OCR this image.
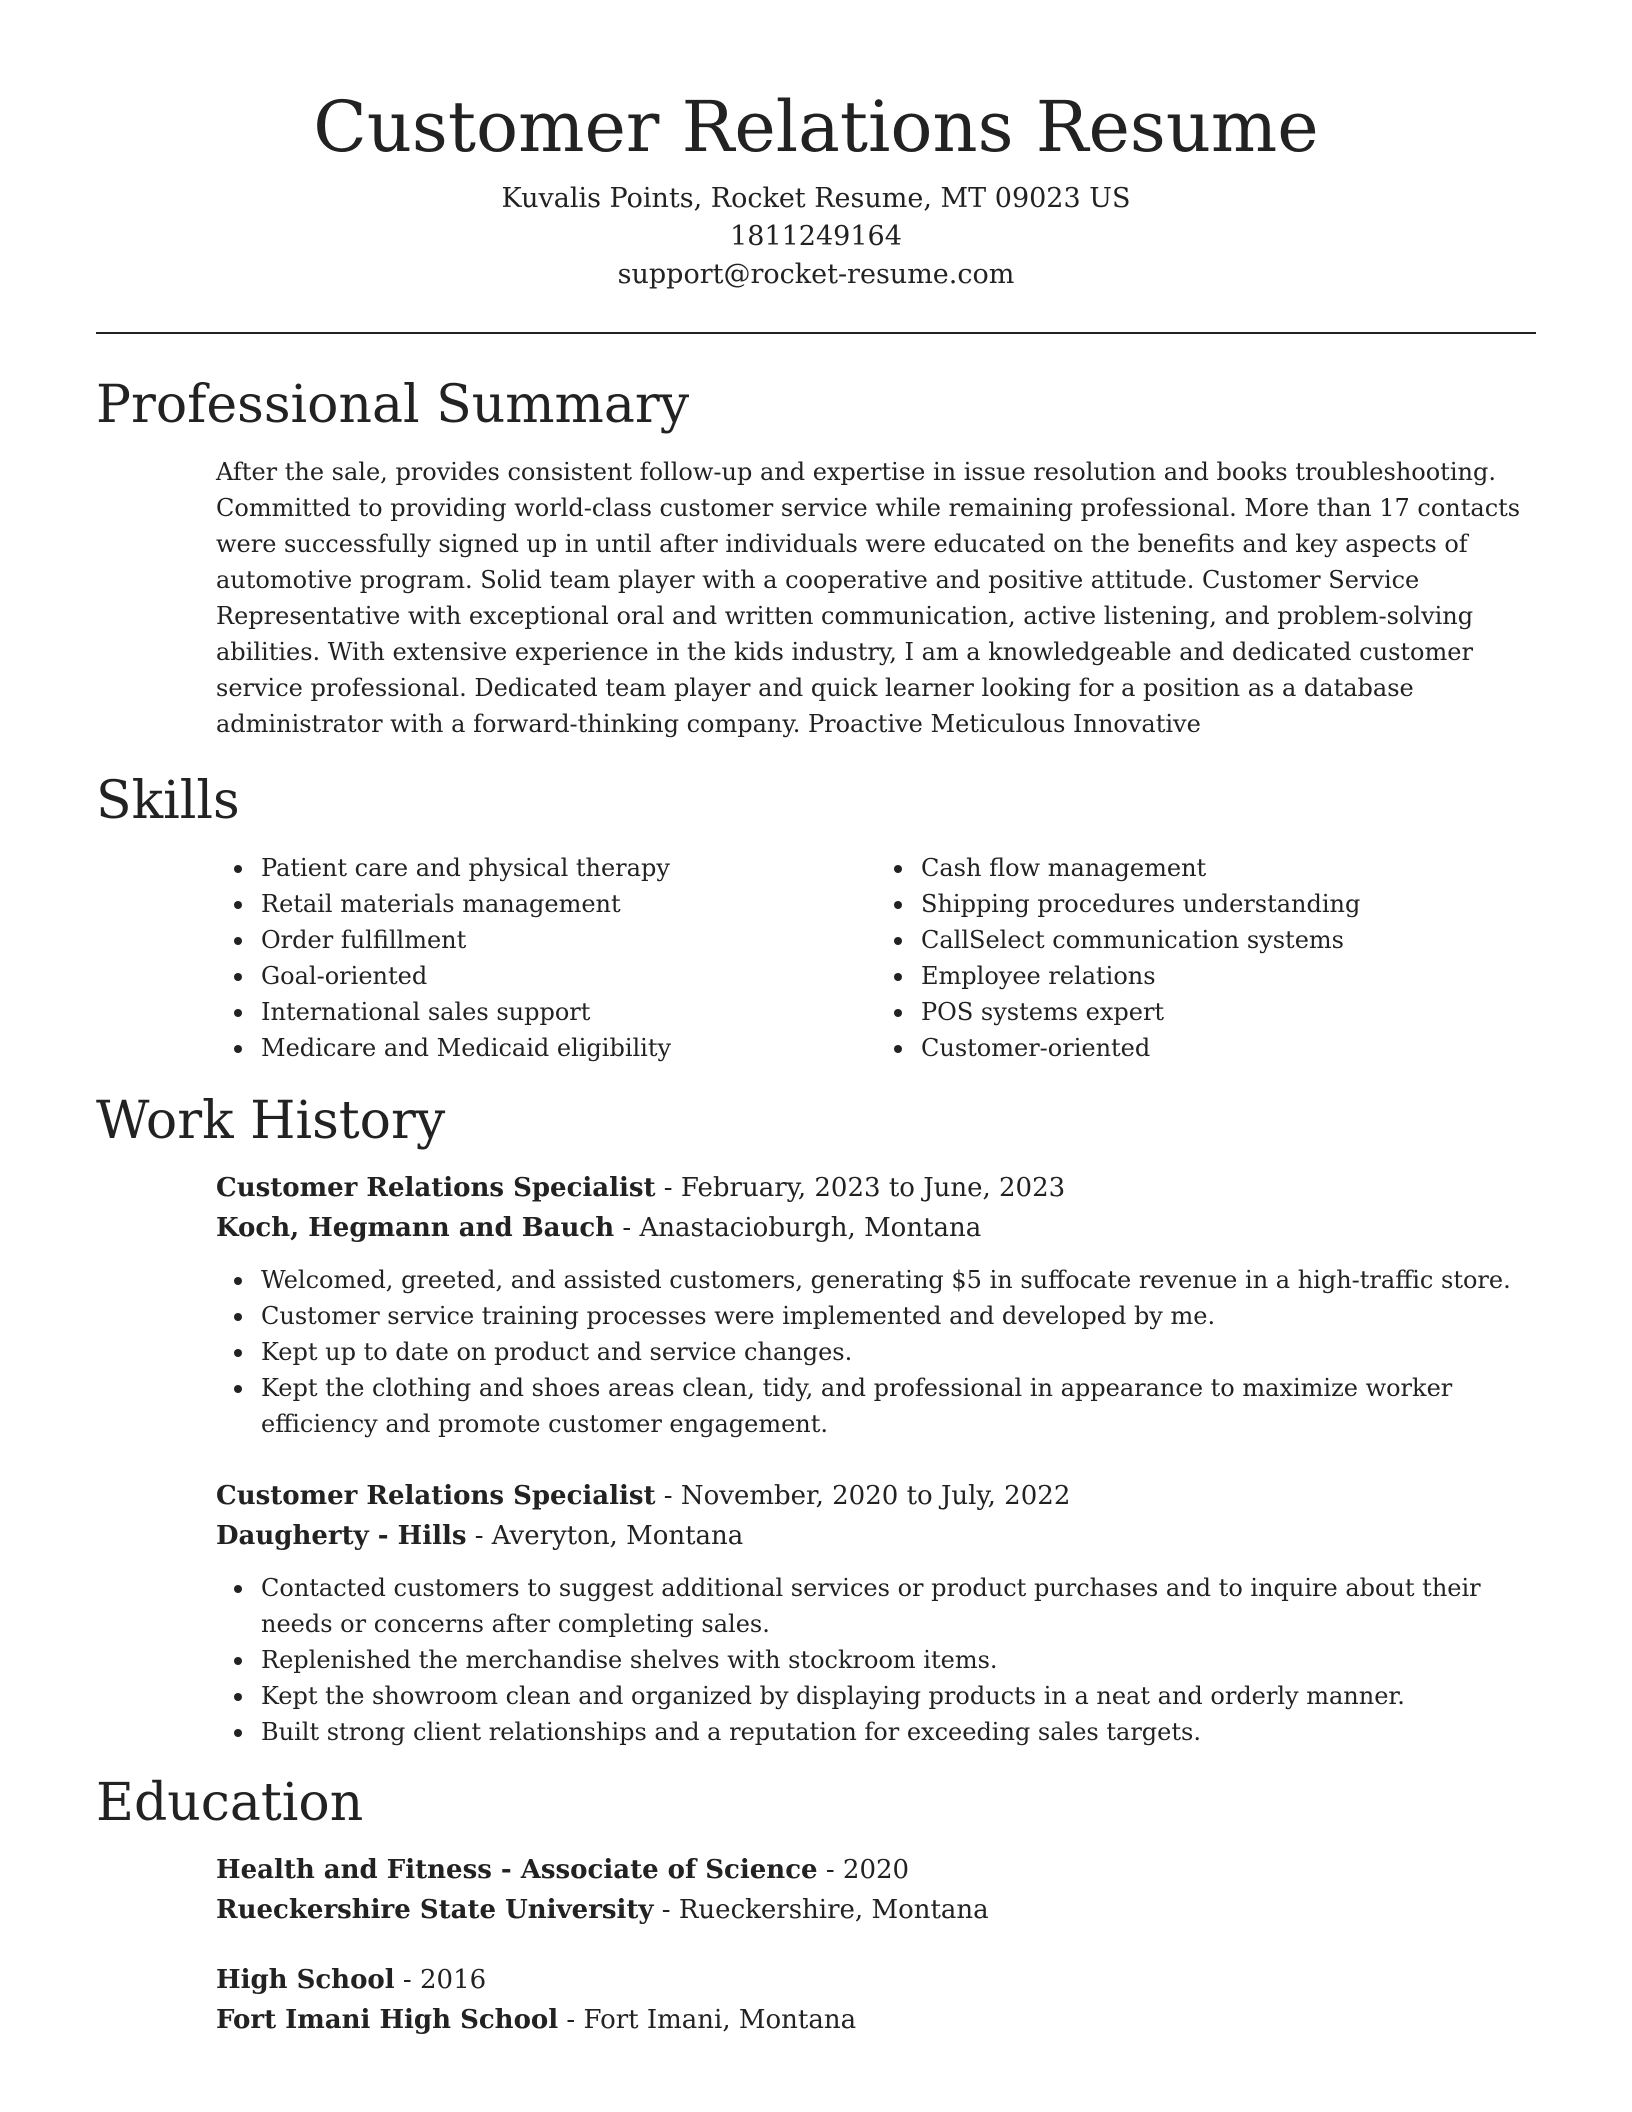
Customer Relations Resume
Kuvalis Points, Rocket Resume, MT 09023 US
1811249164
support@rocket-resume.com
Professional Summary

After the sale, provides consistent follow-up and expertise in issue resolution and books troubleshooting. Committed to providing world-class customer service while remaining professional. More than 17 contacts were successfully signed up in until after individuals were educated on the benefits and key aspects of automotive program. Solid team player with a cooperative and positive attitude. Customer Service Representative with exceptional oral and written communication, active listening, and problem-solving abilities. With extensive experience in the kids industry, I am a knowledgeable and dedicated customer service professional. Dedicated team player and quick learner looking for a position as a database administrator with a forward-thinking company. Proactive Meticulous Innovative

Skills
Patient care and physical therapy
Retail materials management
Order fulfillment
Goal-oriented
International sales support
Medicare and Medicaid eligibility
Cash flow management
Shipping procedures understanding
CallSelect communication systems
Employee relations
POS systems expert
Customer-oriented
Work History
Customer Relations Specialist - February, 2023 to June, 2023
Koch, Hegmann and Bauch - Anastacioburgh, Montana
Welcomed, greeted, and assisted customers, generating $5 in suffocate revenue in a high-traffic store.
Customer service training processes were implemented and developed by me.
Kept up to date on product and service changes.
Kept the clothing and shoes areas clean, tidy, and professional in appearance to maximize worker efficiency and promote customer engagement.
Customer Relations Specialist - November, 2020 to July, 2022
Daugherty - Hills - Averyton, Montana
Contacted customers to suggest additional services or product purchases and to inquire about their needs or concerns after completing sales.
Replenished the merchandise shelves with stockroom items.
Kept the showroom clean and organized by displaying products in a neat and orderly manner.
Built strong client relationships and a reputation for exceeding sales targets.
Education
Health and Fitness - Associate of Science - 2020
Rueckershire State University - Rueckershire, Montana
High School - 2016
Fort Imani High School - Fort Imani, Montana
